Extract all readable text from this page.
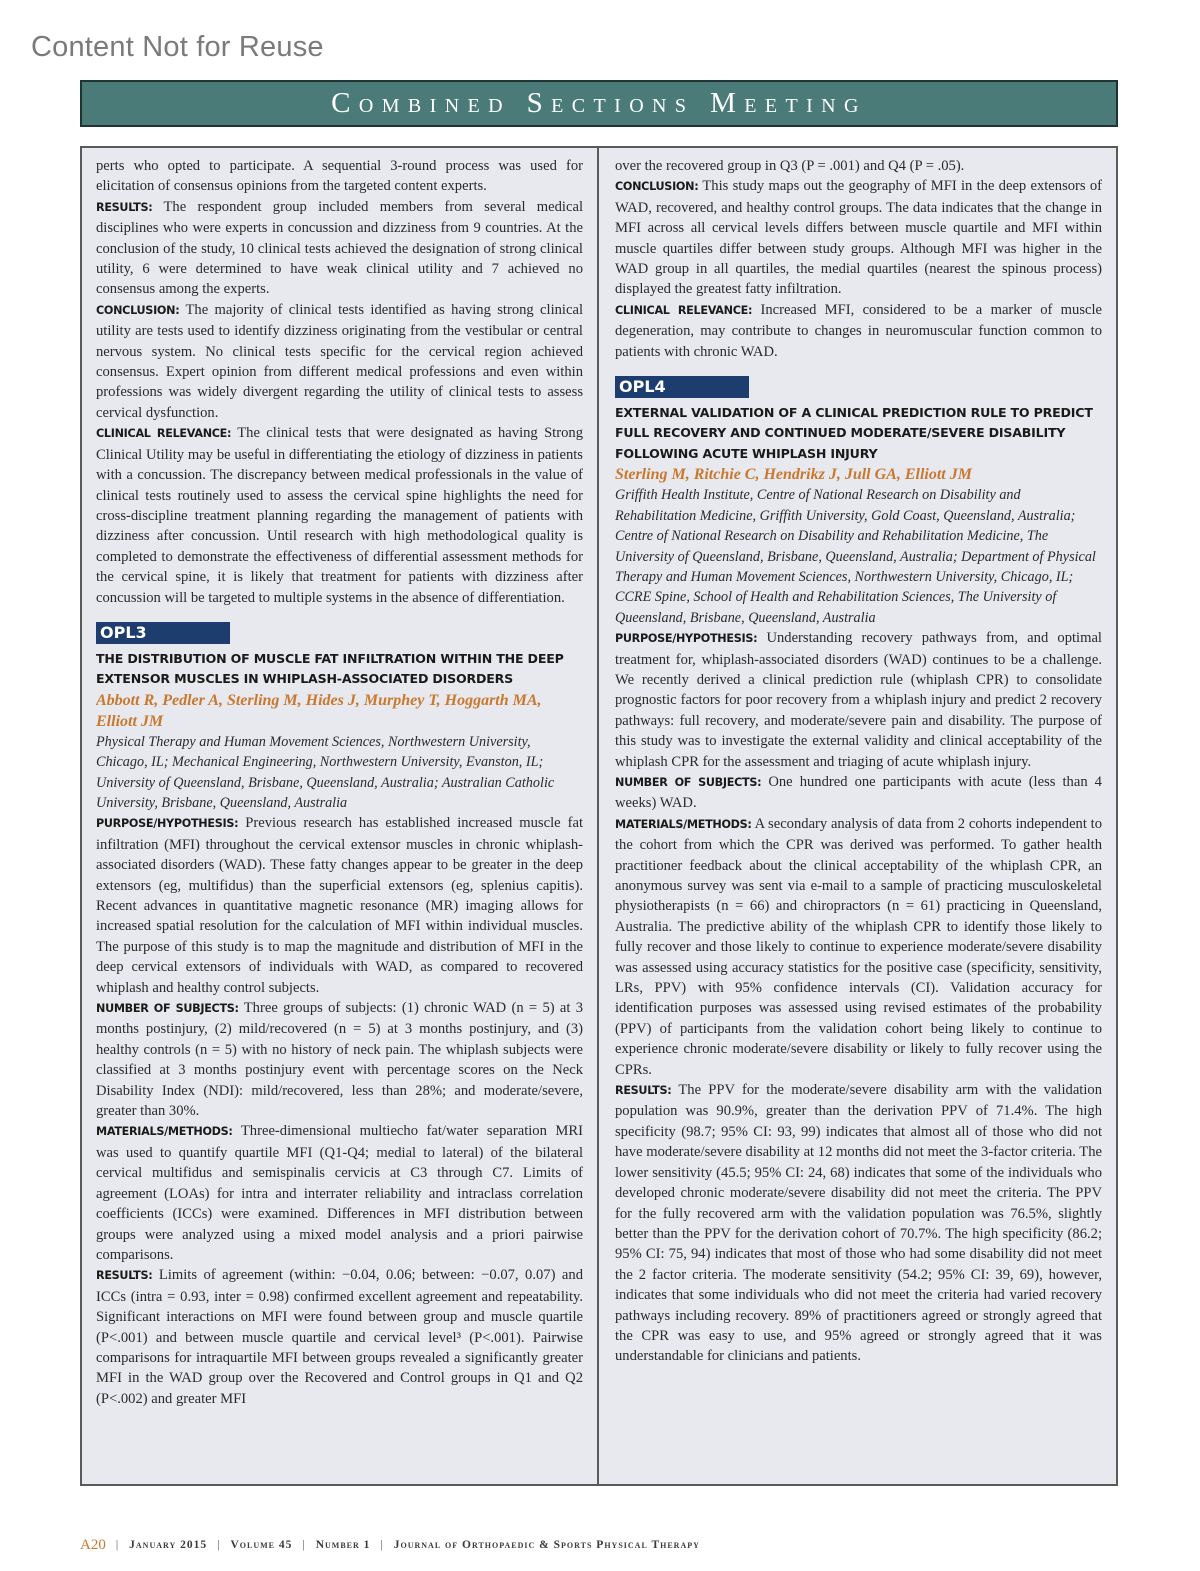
Content Not for Reuse
Combined Sections Meeting

perts who opted to participate. A sequential 3-round process was used for elicitation of consensus opinions from the targeted content experts.

RESULTS: The respondent group included members from several medical disciplines who were experts in concussion and dizziness from 9 countries. At the conclusion of the study, 10 clinical tests achieved the designation of strong clinical utility, 6 were determined to have weak clinical utility and 7 achieved no consensus among the experts.

CONCLUSION: The majority of clinical tests identified as having strong clinical utility are tests used to identify dizziness originating from the vestibular or central nervous system. No clinical tests specific for the cervical region achieved consensus. Expert opinion from different medical professions and even within professions was widely divergent regarding the utility of clinical tests to assess cervical dysfunction.

CLINICAL RELEVANCE: The clinical tests that were designated as having Strong Clinical Utility may be useful in differentiating the etiology of dizziness in patients with a concussion. The discrepancy between medical professionals in the value of clinical tests routinely used to assess the cervical spine highlights the need for cross-discipline treatment planning regarding the management of patients with dizziness after concussion. Until research with high methodological quality is completed to demonstrate the effectiveness of differential assessment methods for the cervical spine, it is likely that treatment for patients with dizziness after concussion will be targeted to multiple systems in the absence of differentiation.

OPL3

THE DISTRIBUTION OF MUSCLE FAT INFILTRATION WITHIN THE DEEP EXTENSOR MUSCLES IN WHIPLASH-ASSOCIATED DISORDERS

Abbott R, Pedler A, Sterling M, Hides J, Murphey T, Hoggarth MA, Elliott JM

Physical Therapy and Human Movement Sciences, Northwestern University, Chicago, IL; Mechanical Engineering, Northwestern University, Evanston, IL; University of Queensland, Brisbane, Queensland, Australia; Australian Catholic University, Brisbane, Queensland, Australia

PURPOSE/HYPOTHESIS: Previous research has established increased muscle fat infiltration (MFI) throughout the cervical extensor muscles in chronic whiplash-associated disorders (WAD). These fatty changes appear to be greater in the deep extensors (eg, multifidus) than the superficial extensors (eg, splenius capitis). Recent advances in quantitative magnetic resonance (MR) imaging allows for increased spatial resolution for the calculation of MFI within individual muscles. The purpose of this study is to map the magnitude and distribution of MFI in the deep cervical extensors of individuals with WAD, as compared to recovered whiplash and healthy control subjects.

NUMBER OF SUBJECTS: Three groups of subjects: (1) chronic WAD (n = 5) at 3 months postinjury, (2) mild/recovered (n = 5) at 3 months postinjury, and (3) healthy controls (n = 5) with no history of neck pain. The whiplash subjects were classified at 3 months postinjury event with percentage scores on the Neck Disability Index (NDI): mild/recovered, less than 28%; and moderate/severe, greater than 30%.

MATERIALS/METHODS: Three-dimensional multiecho fat/water separation MRI was used to quantify quartile MFI (Q1-Q4; medial to lateral) of the bilateral cervical multifidus and semispinalis cervicis at C3 through C7. Limits of agreement (LOAs) for intra and interrater reliability and intraclass correlation coefficients (ICCs) were examined. Differences in MFI distribution between groups were analyzed using a mixed model analysis and a priori pairwise comparisons.

RESULTS: Limits of agreement (within: −0.04, 0.06; between: −0.07, 0.07) and ICCs (intra = 0.93, inter = 0.98) confirmed excellent agreement and repeatability. Significant interactions on MFI were found between group and muscle quartile (P<.001) and between muscle quartile and cervical level³ (P<.001). Pairwise comparisons for intraquartile MFI between groups revealed a significantly greater MFI in the WAD group over the Recovered and Control groups in Q1 and Q2 (P<.002) and greater MFI

over the recovered group in Q3 (P = .001) and Q4 (P = .05).

CONCLUSION: This study maps out the geography of MFI in the deep extensors of WAD, recovered, and healthy control groups. The data indicates that the change in MFI across all cervical levels differs between muscle quartile and MFI within muscle quartiles differ between study groups. Although MFI was higher in the WAD group in all quartiles, the medial quartiles (nearest the spinous process) displayed the greatest fatty infiltration.

CLINICAL RELEVANCE: Increased MFI, considered to be a marker of muscle degeneration, may contribute to changes in neuromuscular function common to patients with chronic WAD.

OPL4

EXTERNAL VALIDATION OF A CLINICAL PREDICTION RULE TO PREDICT FULL RECOVERY AND CONTINUED MODERATE/SEVERE DISABILITY FOLLOWING ACUTE WHIPLASH INJURY

Sterling M, Ritchie C, Hendrikz J, Jull GA, Elliott JM

Griffith Health Institute, Centre of National Research on Disability and Rehabilitation Medicine, Griffith University, Gold Coast, Queensland, Australia; Centre of National Research on Disability and Rehabilitation Medicine, The University of Queensland, Brisbane, Queensland, Australia; Department of Physical Therapy and Human Movement Sciences, Northwestern University, Chicago, IL; CCRE Spine, School of Health and Rehabilitation Sciences, The University of Queensland, Brisbane, Queensland, Australia

PURPOSE/HYPOTHESIS: Understanding recovery pathways from, and optimal treatment for, whiplash-associated disorders (WAD) continues to be a challenge. We recently derived a clinical prediction rule (whiplash CPR) to consolidate prognostic factors for poor recovery from a whiplash injury and predict 2 recovery pathways: full recovery, and moderate/severe pain and disability. The purpose of this study was to investigate the external validity and clinical acceptability of the whiplash CPR for the assessment and triaging of acute whiplash injury.

NUMBER OF SUBJECTS: One hundred one participants with acute (less than 4 weeks) WAD.

MATERIALS/METHODS: A secondary analysis of data from 2 cohorts independent to the cohort from which the CPR was derived was performed. To gather health practitioner feedback about the clinical acceptability of the whiplash CPR, an anonymous survey was sent via e-mail to a sample of practicing musculoskeletal physiotherapists (n = 66) and chiropractors (n = 61) practicing in Queensland, Australia. The predictive ability of the whiplash CPR to identify those likely to fully recover and those likely to continue to experience moderate/severe disability was assessed using accuracy statistics for the positive case (specificity, sensitivity, LRs, PPV) with 95% confidence intervals (CI). Validation accuracy for identification purposes was assessed using revised estimates of the probability (PPV) of participants from the validation cohort being likely to continue to experience chronic moderate/severe disability or likely to fully recover using the CPRs.

RESULTS: The PPV for the moderate/severe disability arm with the validation population was 90.9%, greater than the derivation PPV of 71.4%. The high specificity (98.7; 95% CI: 93, 99) indicates that almost all of those who did not have moderate/severe disability at 12 months did not meet the 3-factor criteria. The lower sensitivity (45.5; 95% CI: 24, 68) indicates that some of the individuals who developed chronic moderate/severe disability did not meet the criteria. The PPV for the fully recovered arm with the validation population was 76.5%, slightly better than the PPV for the derivation cohort of 70.7%. The high specificity (86.2; 95% CI: 75, 94) indicates that most of those who had some disability did not meet the 2 factor criteria. The moderate sensitivity (54.2; 95% CI: 39, 69), however, indicates that some individuals who did not meet the criteria had varied recovery pathways including recovery. 89% of practitioners agreed or strongly agreed that the CPR was easy to use, and 95% agreed or strongly agreed that it was understandable for clinicians and patients.

A20 | January 2015 | Volume 45 | Number 1 | Journal of Orthopaedic & Sports Physical Therapy
